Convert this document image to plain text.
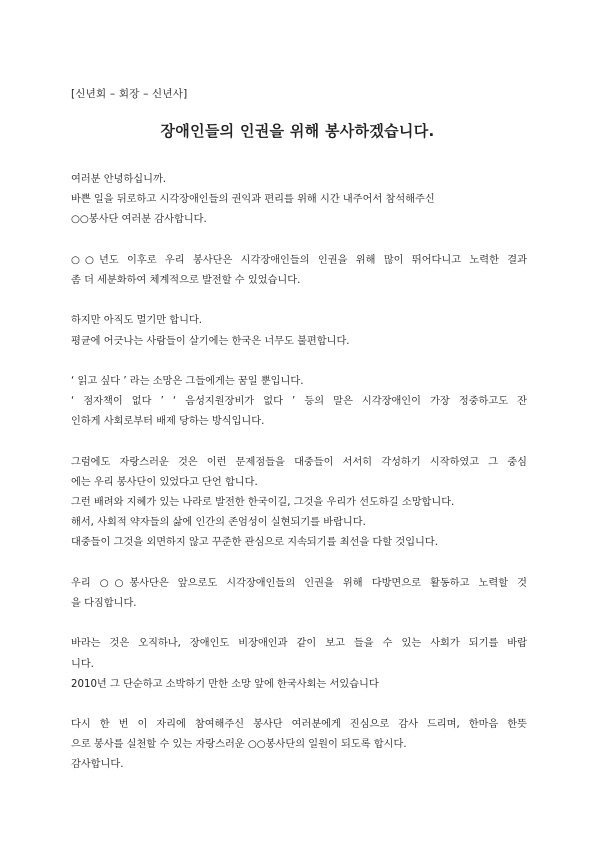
[신년회 – 회장 – 신년사]
장애인들의 인권을 위해 봉사하겠습니다.
여러분 안녕하십니까.
바쁜 일을 뒤로하고 시각장애인들의 권익과 편리를 위해 시간 내주어서 참석해주신
○○봉사단 여러분 감사합니다.
○○년도 이후로 우리 봉사단은 시각장애인들의 인권을 위해 많이 뛰어다니고 노력한 결과
좀 더 세분화하여 체계적으로 발전할 수 있었습니다.
하지만 아직도 멀기만 합니다.
평균에 어긋나는 사람들이 살기에는 한국은 너무도 불편합니다.
‘ 읽고 싶다 ’ 라는 소망은 그들에게는 꿈일 뿐입니다.
‘ 점자책이 없다 ’ ‘ 음성지원장비가 없다 ’ 등의 말은 시각장애인이 가장 정중하고도 잔
인하게 사회로부터 배제 당하는 방식입니다.
그럼에도 자랑스러운 것은 이런 문제점들을 대중들이 서서히 각성하기 시작하였고 그 중심
에는 우리 봉사단이 있었다고 단언 합니다.
그런 배려와 지혜가 있는 나라로 발전한 한국이길, 그것을 우리가 선도하길 소망합니다.
해서, 사회적 약자들의 삶에 인간의 존엄성이 실현되기를 바랍니다.
대중들이 그것을 외면하지 않고 꾸준한 관심으로 지속되기를 최선을 다할 것입니다.
우리 ○○봉사단은 앞으로도 시각장애인들의 인권을 위해 다방면으로 활동하고 노력할 것
을 다짐합니다.
바라는 것은 오직하나, 장애인도 비장애인과 같이 보고 들을 수 있는 사회가 되기를 바랍
니다.
2010년 그 단순하고 소박하기 만한 소망 앞에 한국사회는 서있습니다
다시 한 번 이 자리에 참여해주신 봉사단 여러분에게 진심으로 감사 드리며, 한마음 한뜻
으로 봉사를 실천할 수 있는 자랑스러운 ○○봉사단의 일원이 되도록 합시다.
감사합니다.
